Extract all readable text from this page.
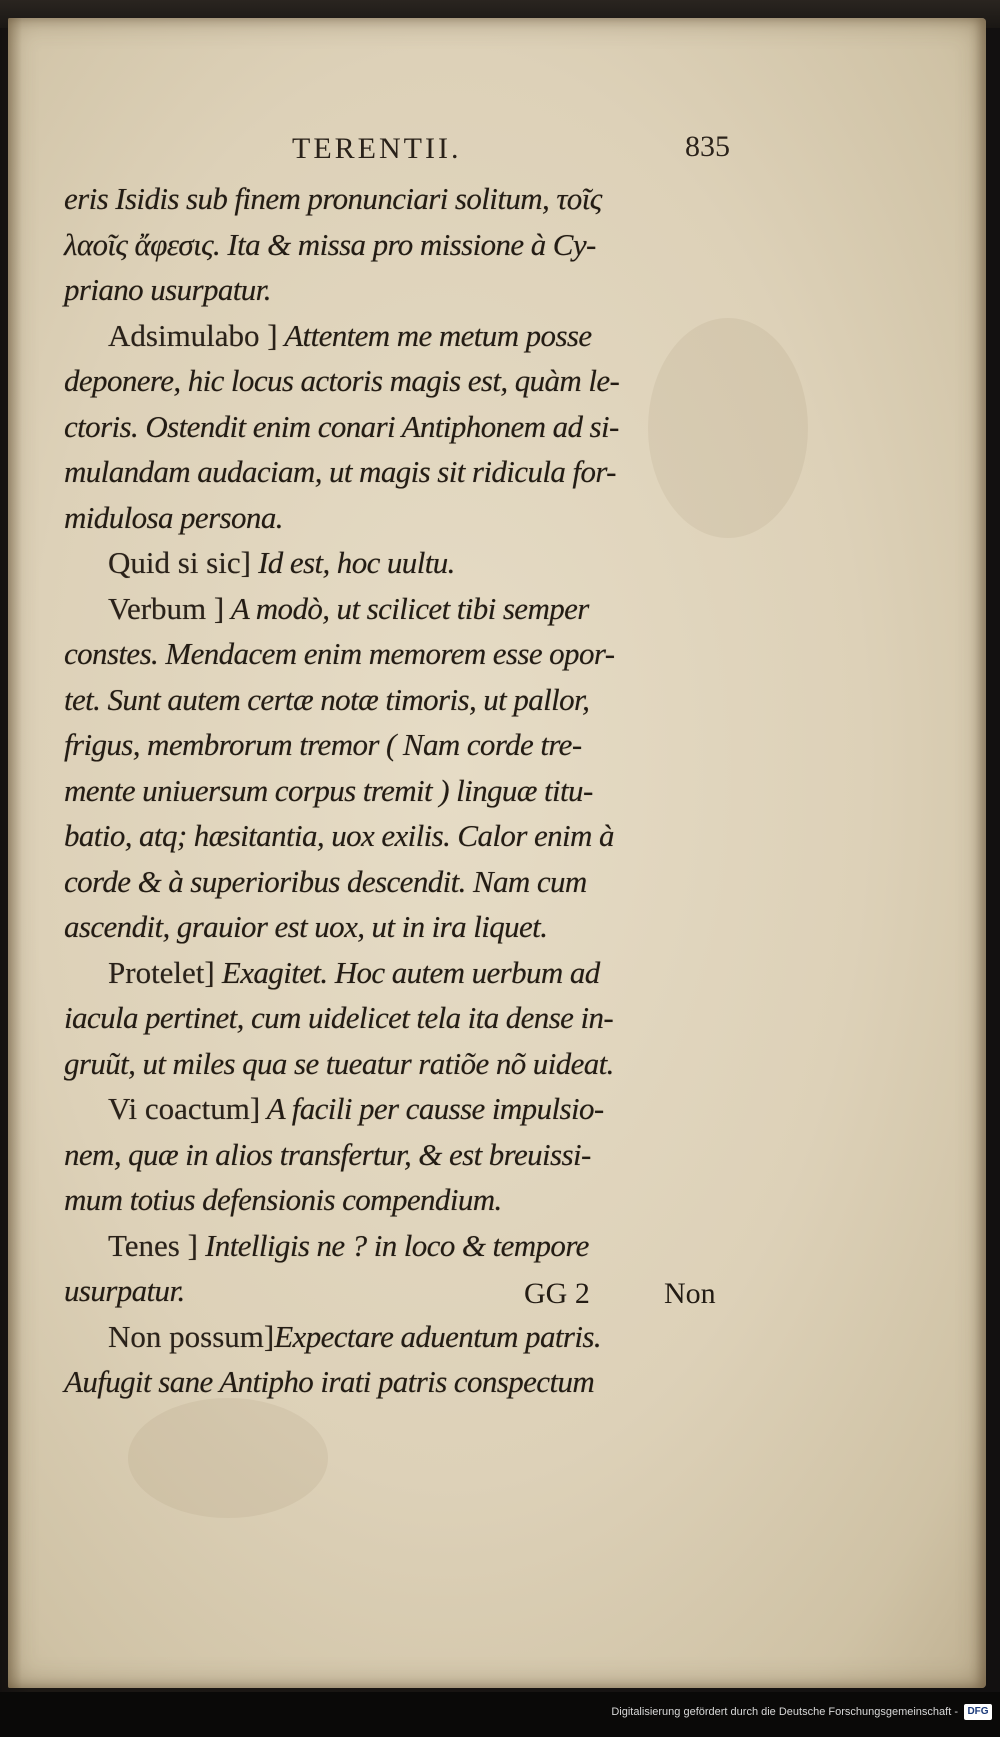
TERENTII.	835
eris Isidis sub finem pronunciari solitum, τοῖς
λαοῖς ἄφεσις. Ita & missa pro missione à Cy-
priano usurpatur.
Adsimulabo ] Attentem me metum posse
deponere, hic locus actoris magis est, quàm le-
ctoris. Ostendit enim conari Antiphonem ad si-
mulandam audaciam, ut magis sit ridicula for-
midulosa persona.
Quid si sic] Id est, hoc uultu.
Verbum ] A modò, ut scilicet tibi semper
constes. Mendacem enim memorem esse opor-
tet. Sunt autem certæ notæ timoris, ut pallor,
frigus, membrorum tremor ( Nam corde tre-
mente uniuersum corpus tremit ) linguæ titu-
batio, atq; hæsitantia, uox exilis. Calor enim à
corde & à superioribus descendit. Nam cum
ascendit, grauior est uox, ut in ira liquet.
Protelet] Exagitet. Hoc autem uerbum ad
iacula pertinet, cum uidelicet tela ita dense in-
gruũt, ut miles qua se tueatur ratiõe nõ uideat.
Vi coactum] A facili per causse impulsio-
nem, quæ in alios transfertur, & est breuissi-
mum totius defensionis compendium.
Tenes ] Intelligis ne ? in loco & tempore
usurpatur.
Non possum]Expectare aduentum patris.
Aufugit sane Antipho irati patris conspectum
GG 2 Non
Digitalisierung gefördert durch die Deutsche Forschungsgemeinschaft - DFG
